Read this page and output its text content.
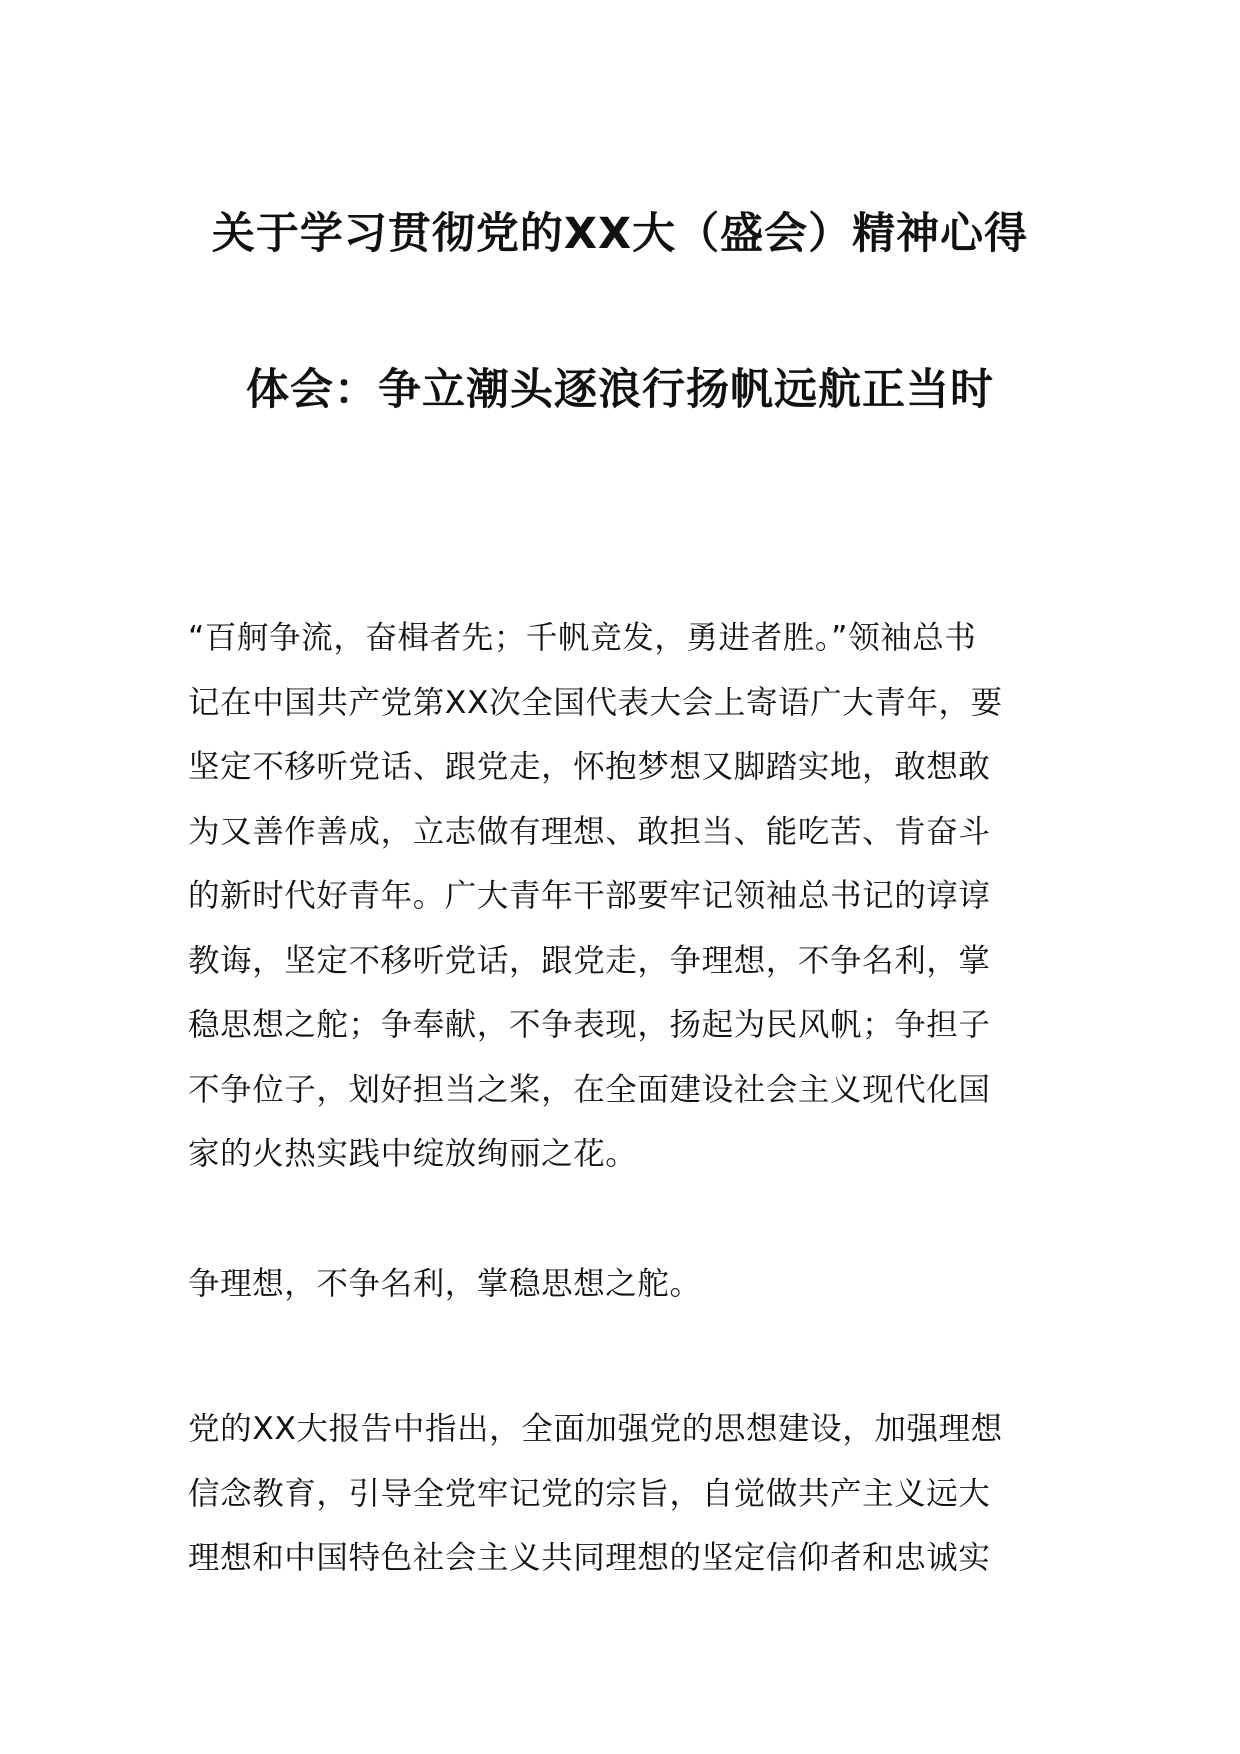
关于学习贯彻党的XX大（盛会）精神心得
体会：争立潮头逐浪行扬帆远航正当时
“百舸争流，奋楫者先；千帆竞发，勇进者胜。”领袖总书
记在中国共产党第XX次全国代表大会上寄语广大青年，要
坚定不移听党话、跟党走，怀抱梦想又脚踏实地，敢想敢
为又善作善成，立志做有理想、敢担当、能吃苦、肯奋斗
的新时代好青年。广大青年干部要牢记领袖总书记的谆谆
教诲，坚定不移听党话，跟党走，争理想，不争名利，掌
稳思想之舵；争奉献，不争表现，扬起为民风帆；争担子
不争位子，划好担当之桨，在全面建设社会主义现代化国
家的火热实践中绽放绚丽之花。
争理想，不争名利，掌稳思想之舵。
党的XX大报告中指出，全面加强党的思想建设，加强理想
信念教育，引导全党牢记党的宗旨，自觉做共产主义远大
理想和中国特色社会主义共同理想的坚定信仰者和忠诚实
